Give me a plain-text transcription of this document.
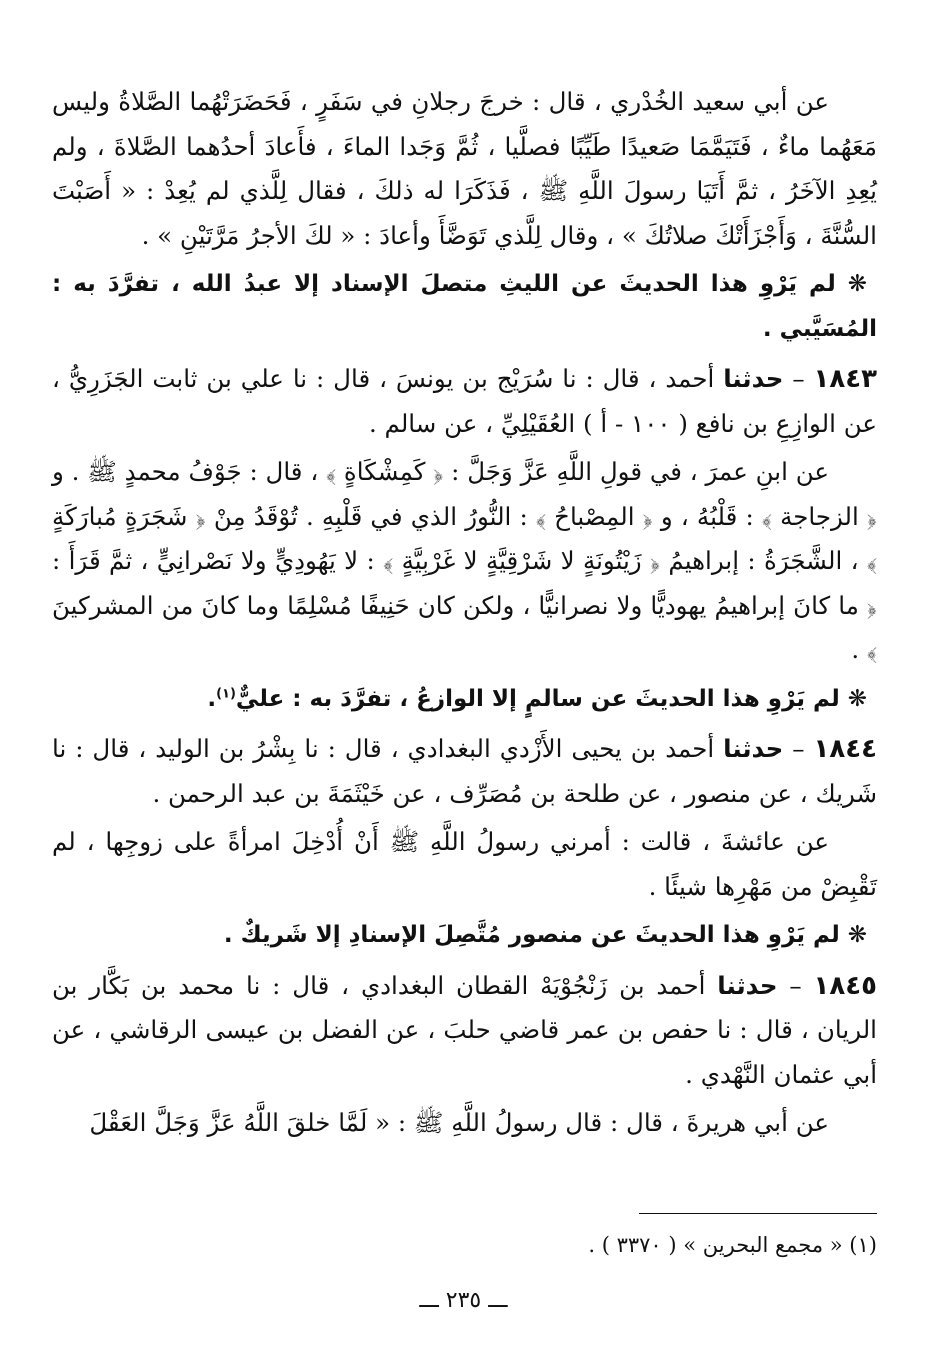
عن أبي سعيد الخُدْري ، قال : خرجَ رجلانِ في سَفَرٍ ، فَحَضَرَتْهُما الصَّلاةُ وليس مَعَهُما ماءٌ ، فَتَيَمَّمَا صَعيدًا طَيِّبًا فصلَّيا ، ثُمَّ وَجَدا الماءَ ، فأَعادَ أحدُهما الصَّلاةَ ، ولم يُعِدِ الآخَرُ ، ثمَّ أَتَيَا رسولَ اللَّهِ ﷺ ، فَذَكَرَا له ذلكَ ، فقال لِلَّذي لم يُعِدْ : « أَصَبْتَ السُّنَّةَ ، وَأَجْزَأَتْكَ صلاتُكَ » ، وقال لِلَّذي تَوَضَّأَ وأعادَ : « لكَ الأجرُ مَرَّتَيْنِ » .

❋ لم يَرْوِ هذا الحديثَ عن الليثِ متصلَ الإسناد إلا عبدُ الله ، تفرَّدَ به : المُسَيَّبي .

١٨٤٣ – حدثنا أحمد ، قال : نا سُرَيْج بن يونسَ ، قال : نا علي بن ثابت الجَزَرِيُّ ، عن الوازِعِ بن نافع ( ١٠٠ - أ ) العُقَيْلِيِّ ، عن سالم .

عن ابنِ عمرَ ، في قولِ اللَّهِ عَزَّ وَجَلَّ : ﴿ كَمِشْكَاةٍ ﴾ ، قال : جَوْفُ محمدٍ ﷺ . و ﴿ الزجاجة ﴾ : قَلْبُهُ ، و ﴿ المِصْباحُ ﴾ : النُّورُ الذي في قَلْبِهِ . تُوْقَدُ مِنْ ﴿ شَجَرَةٍ مُبارَكَةٍ ﴾ ، الشَّجَرَةُ : إبراهيمُ ﴿ زَيْتُونَةٍ لا شَرْقِيَّةٍ لا غَرْبِيَّةٍ ﴾ : لا يَهُودِيٍّ ولا نَصْرانِيٍّ ، ثمَّ قَرَأَ : ﴿ ما كانَ إبراهيمُ يهوديًّا ولا نصرانيًّا ، ولكن كان حَنِيفًا مُسْلِمًا وما كانَ من المشركينَ ﴾ .

❋ لم يَرْوِ هذا الحديثَ عن سالمٍ إلا الوازعُ ، تفرَّدَ به : عليٌّ$^{(١)}$.

١٨٤٤ – حدثنا أحمد بن يحيى الأَزْدي البغدادي ، قال : نا بِشْرُ بن الوليد ، قال : نا شَريك ، عن منصور ، عن طلحة بن مُصَرِّف ، عن خَيْثَمَةَ بن عبد الرحمن .

عن عائشةَ ، قالت : أمرني رسولُ اللَّهِ ﷺ أَنْ أُدْخِلَ امرأةً على زوجِها ، لم تَقْبِضْ من مَهْرِها شيئًا .

❋ لم يَرْوِ هذا الحديثَ عن منصور مُتَّصِلَ الإسنادِ إلا شَريكٌ .

١٨٤٥ – حدثنا أحمد بن زَنْجُوْيَهْ القطان البغدادي ، قال : نا محمد بن بَكَّار بن الريان ، قال : نا حفص بن عمر قاضي حلبَ ، عن الفضل بن عيسى الرقاشي ، عن أبي عثمان النَّهْدي .

عن أبي هريرةَ ، قال : قال رسولُ اللَّهِ ﷺ : « لَمَّا خلقَ اللَّهُ عَزَّ وَجَلَّ العَقْلَ

(١) « مجمع البحرين » ( ٣٣٧٠ ) .
ـــ ٢٣٥ ـــ
